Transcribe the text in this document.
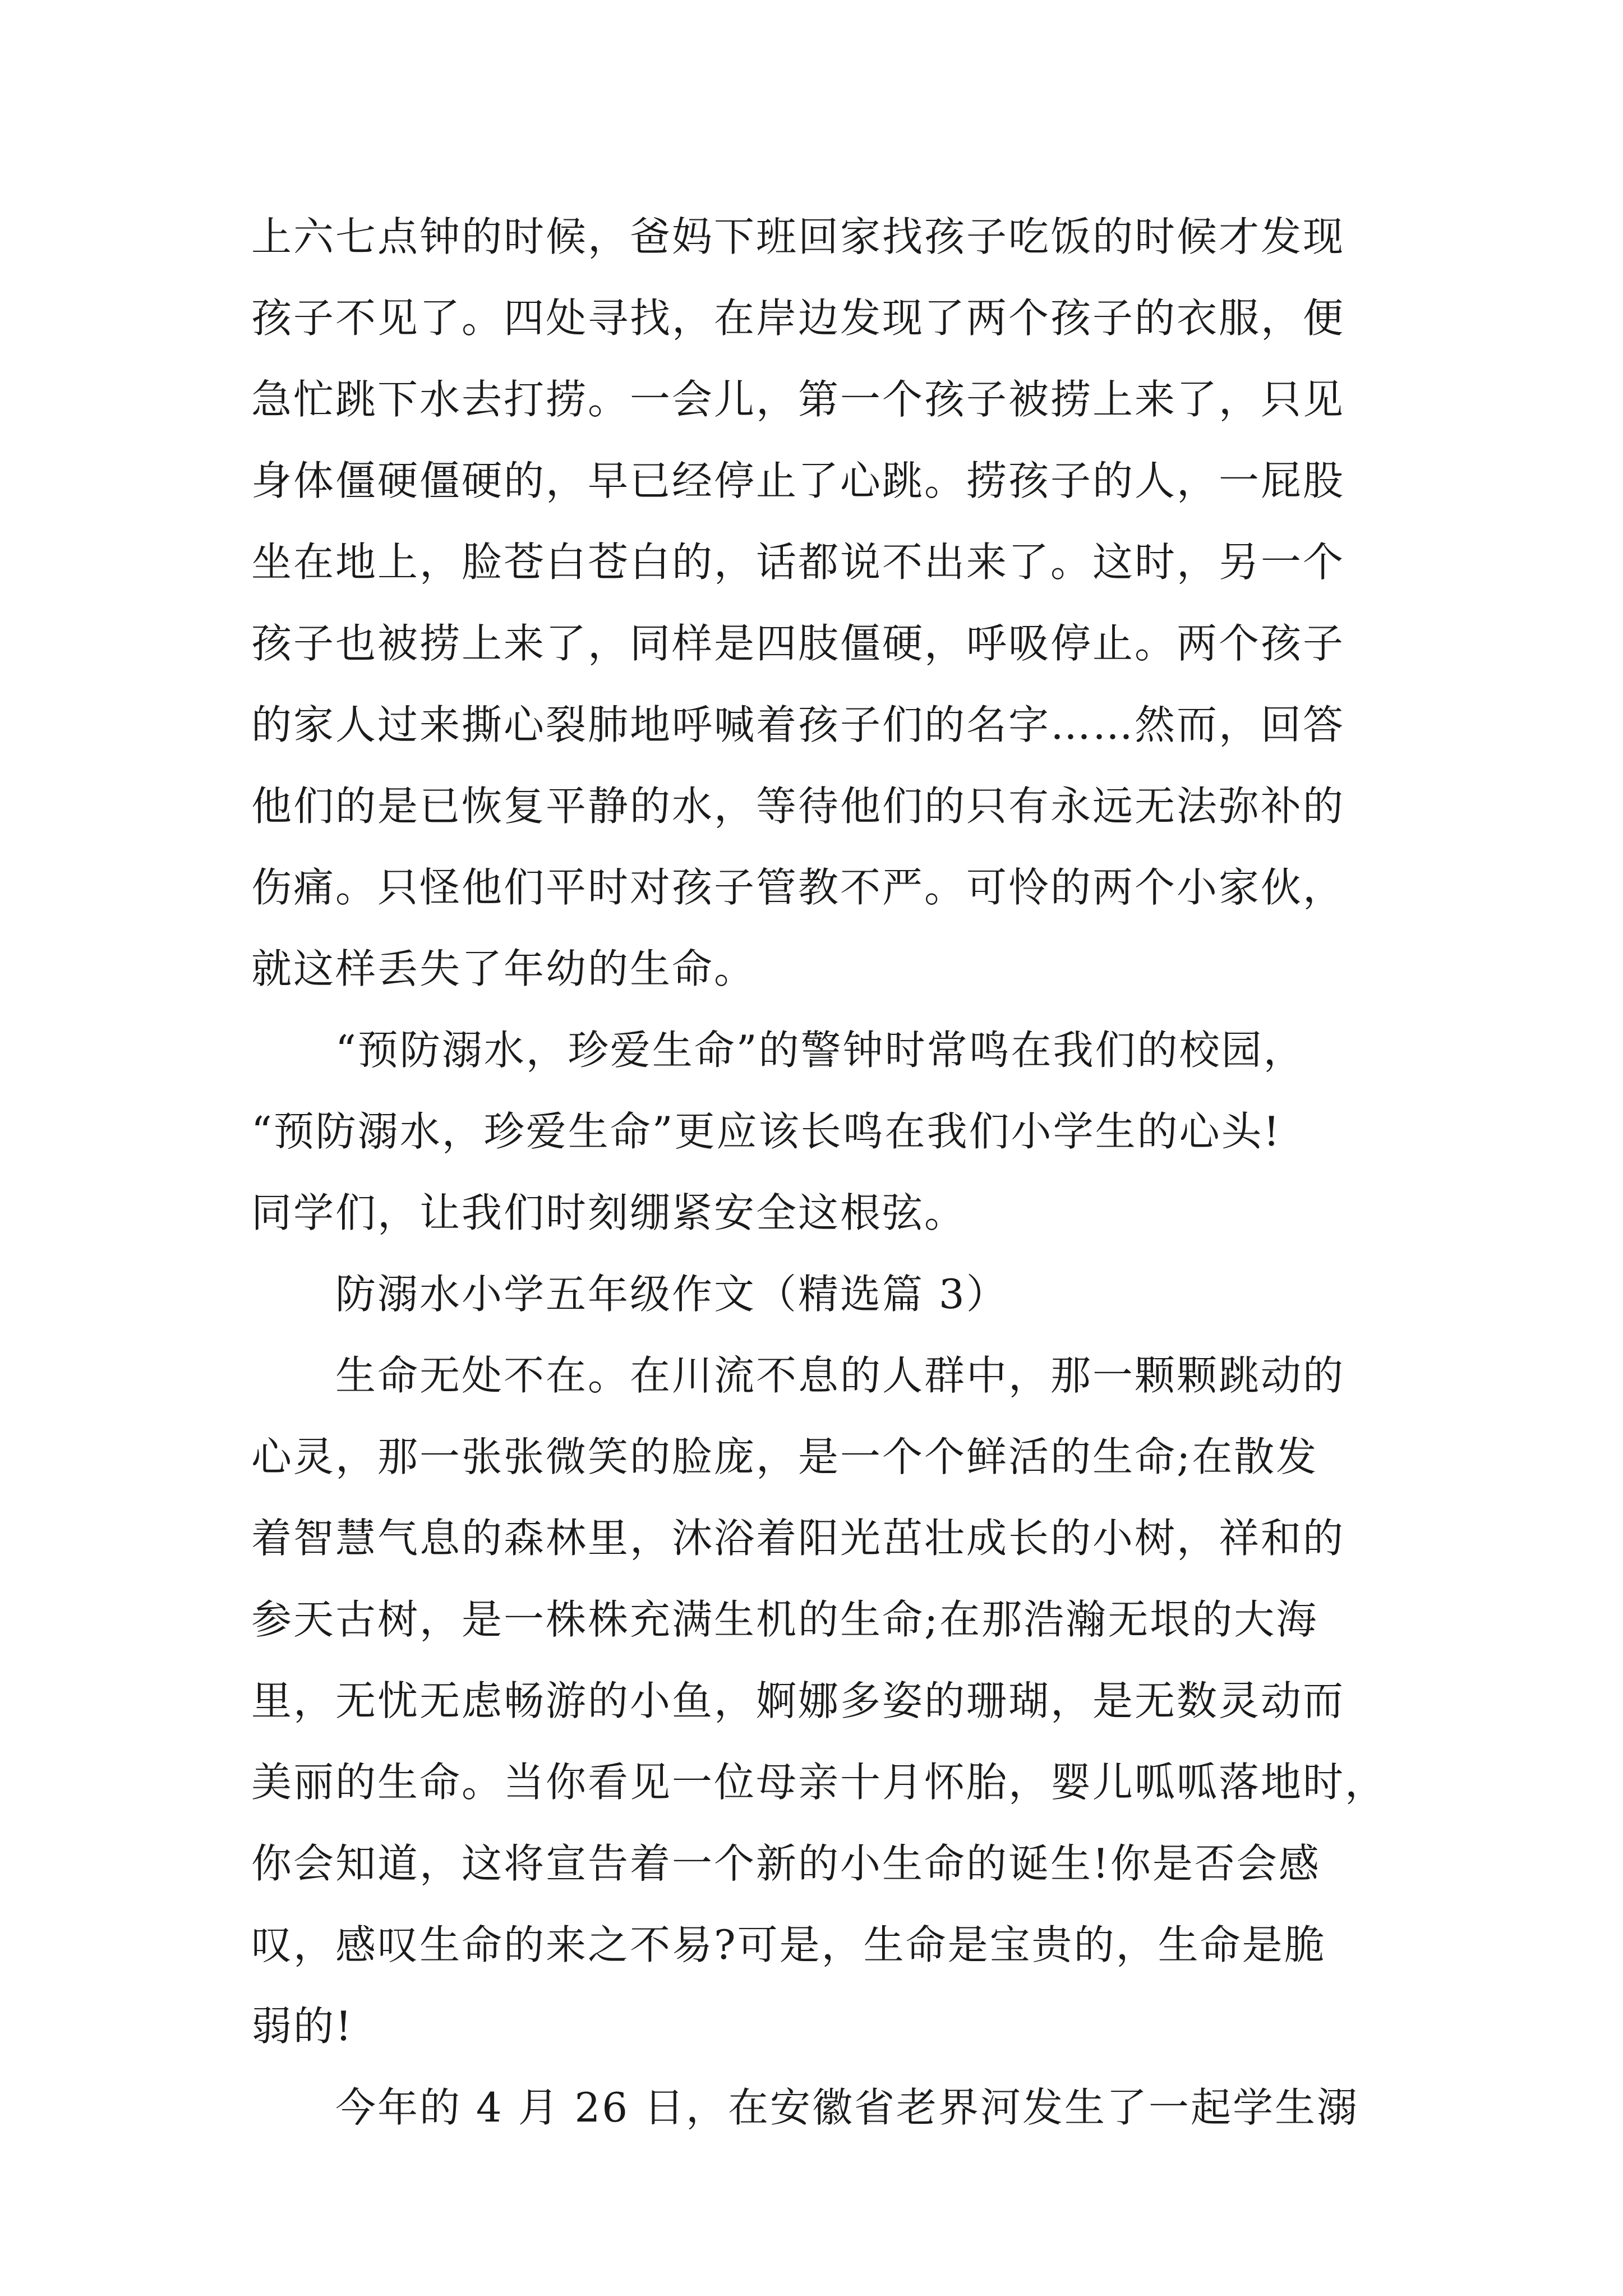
上六七点钟的时候，爸妈下班回家找孩子吃饭的时候才发现
孩子不见了。四处寻找，在岸边发现了两个孩子的衣服，便
急忙跳下水去打捞。一会儿，第一个孩子被捞上来了，只见
身体僵硬僵硬的，早已经停止了心跳。捞孩子的人，一屁股
坐在地上，脸苍白苍白的，话都说不出来了。这时，另一个
孩子也被捞上来了，同样是四肢僵硬，呼吸停止。两个孩子
的家人过来撕心裂肺地呼喊着孩子们的名字……然而，回答
他们的是已恢复平静的水，等待他们的只有永远无法弥补的
伤痛。只怪他们平时对孩子管教不严。可怜的两个小家伙，
就这样丢失了年幼的生命。
　　“预防溺水，珍爱生命”的警钟时常鸣在我们的校园，
“预防溺水，珍爱生命”更应该长鸣在我们小学生的心头!
同学们，让我们时刻绷紧安全这根弦。
　　防溺水小学五年级作文（精选篇 3）
　　生命无处不在。在川流不息的人群中，那一颗颗跳动的
心灵，那一张张微笑的脸庞，是一个个鲜活的生命;在散发
着智慧气息的森林里，沐浴着阳光茁壮成长的小树，祥和的
参天古树，是一株株充满生机的生命;在那浩瀚无垠的大海
里，无忧无虑畅游的小鱼，婀娜多姿的珊瑚，是无数灵动而
美丽的生命。当你看见一位母亲十月怀胎，婴儿呱呱落地时，
你会知道，这将宣告着一个新的小生命的诞生!你是否会感
叹，感叹生命的来之不易?可是，生命是宝贵的，生命是脆
弱的!
　　今年的 4 月 26 日，在安徽省老界河发生了一起学生溺
